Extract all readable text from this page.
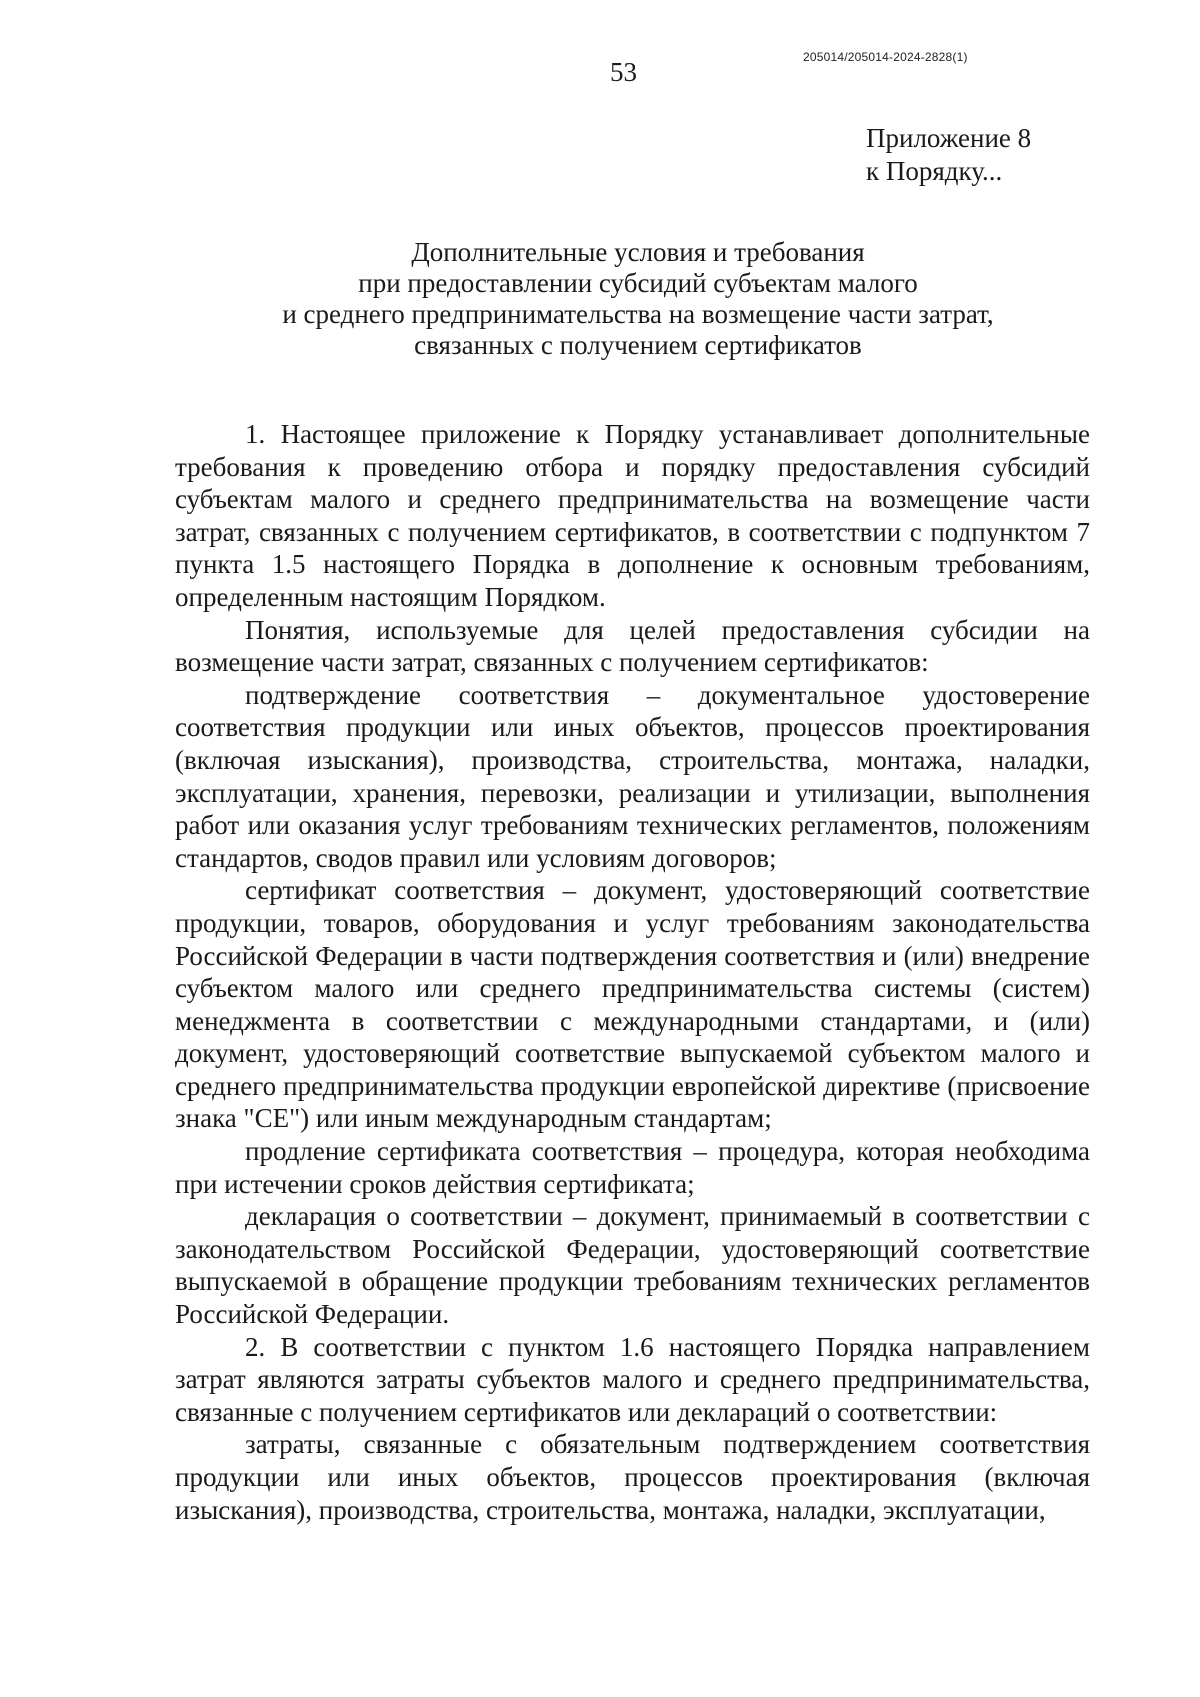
205014/205014-2024-2828(1)
53
Приложение 8
к Порядку...
Дополнительные условия и требования
при предоставлении субсидий субъектам малого
и среднего предпринимательства на возмещение части затрат,
связанных с получением сертификатов

1. Настоящее приложение к Порядку устанавливает дополнительные требования к проведению отбора и порядку предоставления субсидий субъектам малого и среднего предпринимательства на возмещение части затрат, связанных с получением сертификатов, в соответствии с подпунктом 7 пункта 1.5 настоящего Порядка в дополнение к основным требованиям, определенным настоящим Порядком.

Понятия, используемые для целей предоставления субсидии на возмещение части затрат, связанных с получением сертификатов:

подтверждение соответствия – документальное удостоверение соответствия продукции или иных объектов, процессов проектирования (включая изыскания), производства, строительства, монтажа, наладки, эксплуатации, хранения, перевозки, реализации и утилизации, выполнения работ или оказания услуг требованиям технических регламентов, положениям стандартов, сводов правил или условиям договоров;

сертификат соответствия – документ, удостоверяющий соответствие продукции, товаров, оборудования и услуг требованиям законодательства Российской Федерации в части подтверждения соответствия и (или) внедрение субъектом малого или среднего предпринимательства системы (систем) менеджмента в соответствии с международными стандартами, и (или) документ, удостоверяющий соответствие выпускаемой субъектом малого и среднего предпринимательства продукции европейской директиве (присвоение знака "CE") или иным международным стандартам;

продление сертификата соответствия – процедура, которая необходима при истечении сроков действия сертификата;

декларация о соответствии – документ, принимаемый в соответствии с законодательством Российской Федерации, удостоверяющий соответствие выпускаемой в обращение продукции требованиям технических регламентов Российской Федерации.

2. В соответствии с пунктом 1.6 настоящего Порядка направлением затрат являются затраты субъектов малого и среднего предпринимательства, связанные с получением сертификатов или деклараций о соответствии:

затраты, связанные с обязательным подтверждением соответствия продукции или иных объектов, процессов проектирования (включая изыскания), производства, строительства, монтажа, наладки, эксплуатации,
